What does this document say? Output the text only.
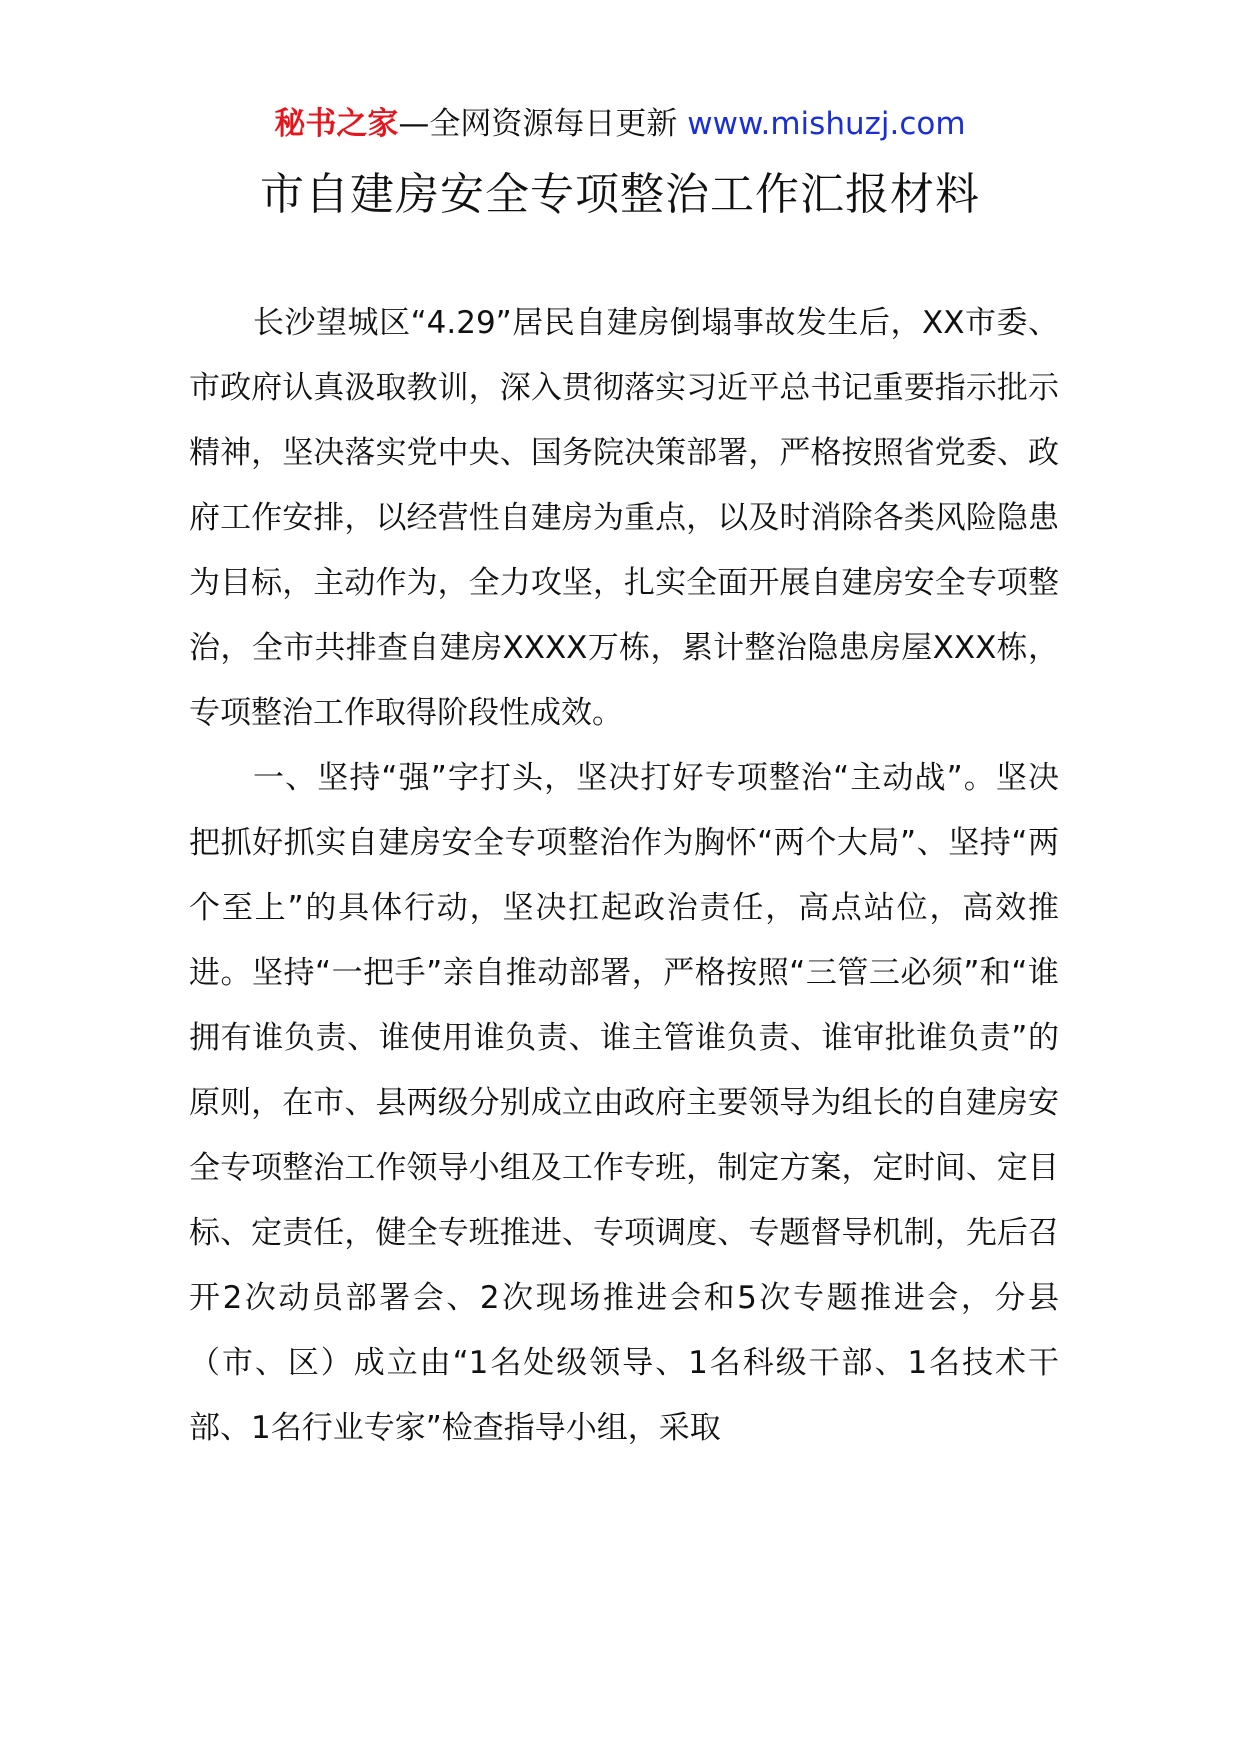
秘书之家—全网资源每日更新 www.mishuzj.com
市自建房安全专项整治工作汇报材料

长沙望城区“4.29”居民自建房倒塌事故发生后，XX市委、市政府认真汲取教训，深入贯彻落实习近平总书记重要指示批示精神，坚决落实党中央、国务院决策部署，严格按照省党委、政府工作安排，以经营性自建房为重点，以及时消除各类风险隐患为目标，主动作为，全力攻坚，扎实全面开展自建房安全专项整治，全市共排查自建房XXXX万栋，累计整治隐患房屋XXX栋，专项整治工作取得阶段性成效。

一、坚持“强”字打头，坚决打好专项整治“主动战”。坚决把抓好抓实自建房安全专项整治作为胸怀“两个大局”、坚持“两个至上”的具体行动，坚决扛起政治责任，高点站位，高效推进。坚持“一把手”亲自推动部署，严格按照“三管三必须”和“谁拥有谁负责、谁使用谁负责、谁主管谁负责、谁审批谁负责”的原则，在市、县两级分别成立由政府主要领导为组长的自建房安全专项整治工作领导小组及工作专班，制定方案，定时间、定目标、定责任，健全专班推进、专项调度、专题督导机制，先后召开2次动员部署会、2次现场推进会和5次专题推进会，分县（市、区）成立由“1名处级领导、1名科级干部、1名技术干部、1名行业专家”检查指导小组，采取
